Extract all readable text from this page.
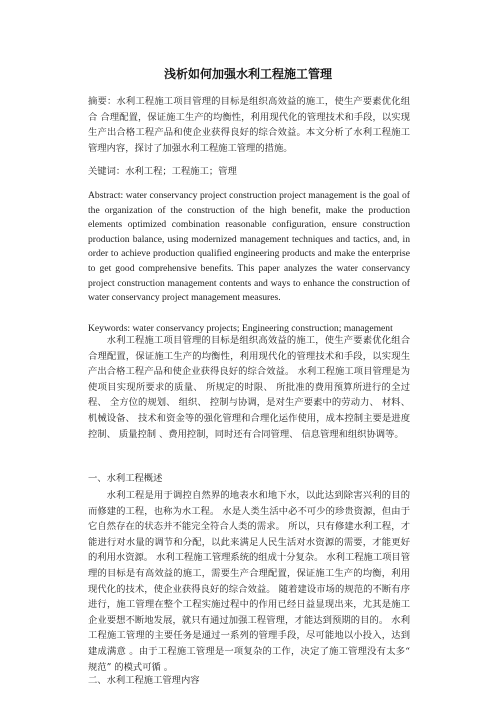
浅析如何加强水利工程施工管理

摘要：水利工程施工项目管理的目标是组织高效益的施工，使生产要素优化组合 合理配置，保证施工生产的均衡性，利用现代化的管理技术和手段，以实现生产出合格工程产品和使企业获得良好的综合效益。本文分析了水利工程施工管理内容，探讨了加强水利工程施工管理的措施。

关键词：水利工程；工程施工；管理

Abstract: water conservancy project construction project management is the goal of the organization of the construction of the high benefit, make the production elements optimized combination reasonable configuration, ensure construction production balance, using modernized management techniques and tactics, and, in order to achieve production qualified engineering products and make the enterprise to get good comprehensive benefits. This paper analyzes the water conservancy project construction management contents and ways to enhance the construction of water conservancy project management measures.

Keywords: water conservancy projects; Engineering construction; management

水利工程施工项目管理的目标是组织高效益的施工，使生产要素优化组合 合理配置，保证施工生产的均衡性，利用现代化的管理技术和手段，以实现生产出合格工程产品和使企业获得良好的综合效益。 水利工程施工项目管理是为使项目实现所要求的质量、 所规定的时限、 所批准的费用预算所进行的全过程、 全方位的规划、 组织、 控制与协调，是对生产要素中的劳动力、 材料、 机械设备、 技术和资金等的强化管理和合理化运作使用，成本控制主要是进度控制、 质量控制 、费用控制，同时还有合同管理、 信息管理和组织协调等。

一、水利工程概述

水利工程是用于调控自然界的地表水和地下水，以此达到除害兴利的目的而修建的工程，也称为水工程。 水是人类生活中必不可少的珍贵资源，但由于它自然存在的状态并不能完全符合人类的需求。 所以，只有修建水利工程，才能进行对水量的调节和分配，以此来满足人民生活对水资源的需要，才能更好的利用水资源。 水利工程施工管理系统的组成十分复杂。 水利工程施工项目管理的目标是有高效益的施工，需要生产合理配置，保证施工生产的均衡，利用现代化的技术，使企业获得良好的综合效益。 随着建设市场的规范的不断有序进行，施工管理在整个工程实施过程中的作用已经日益显现出来，尤其是施工企业要想不断地发展，就只有通过加强工程管理，才能达到预期的目的。 水利工程施工管理的主要任务是通过一系列的管理手段，尽可能地以小投入，达到建成满意 。由于工程施工管理是一项复杂的工作，决定了施工管理没有太多“ 规范” 的模式可循 。

二、水利工程施工管理内容
